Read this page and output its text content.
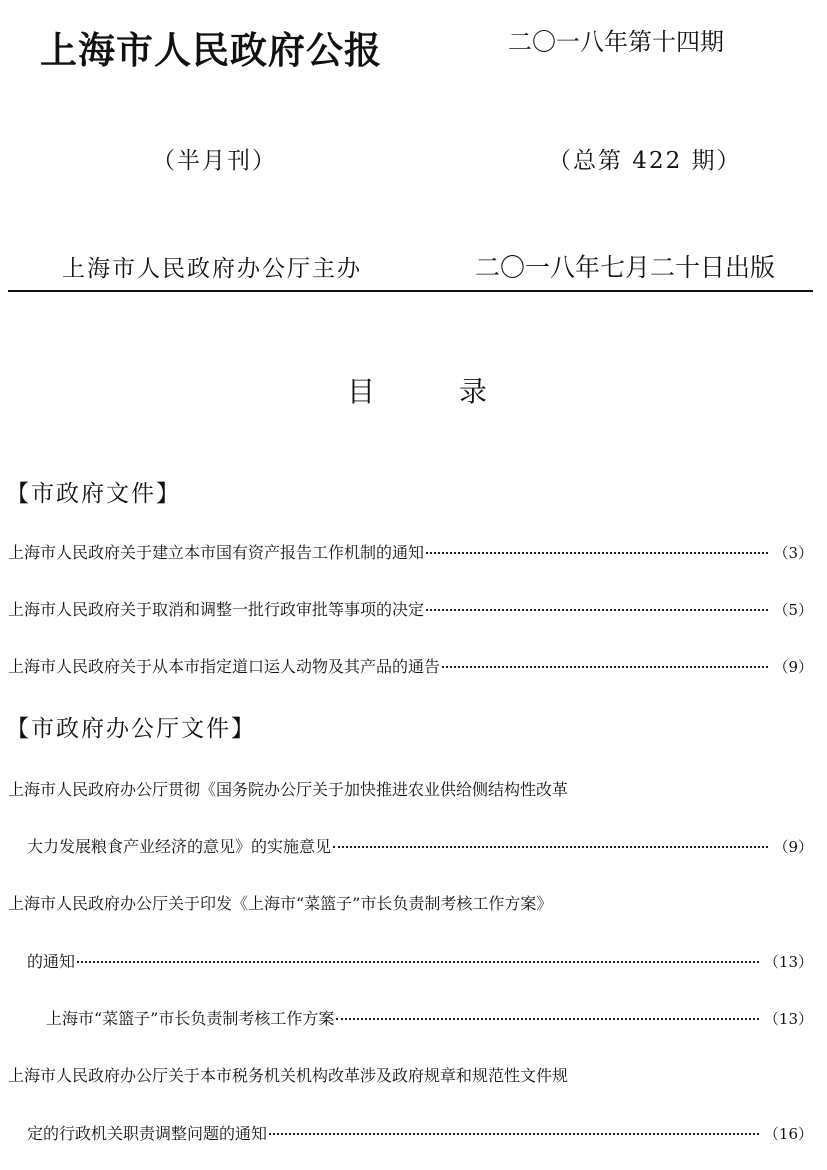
上海市人民政府公报	二〇一八年第十四期
（半月刊）	（总第 422 期）
上海市人民政府办公厅主办	二〇一八年七月二十日出版
目录
【市政府文件】
上海市人民政府关于建立本市国有资产报告工作机制的通知	（3）
上海市人民政府关于取消和调整一批行政审批等事项的决定	（5）
上海市人民政府关于从本市指定道口运人动物及其产品的通告	（9）
【市政府办公厅文件】
上海市人民政府办公厅贯彻《国务院办公厅关于加快推进农业供给侧结构性改革
大力发展粮食产业经济的意见》的实施意见	（9）
上海市人民政府办公厅关于印发《上海市“菜篮子”市长负责制考核工作方案》
的通知	（13）
上海市“菜篮子”市长负责制考核工作方案	（13）
上海市人民政府办公厅关于本市税务机关机构改革涉及政府规章和规范性文件规
定的行政机关职责调整问题的通知	（16）
